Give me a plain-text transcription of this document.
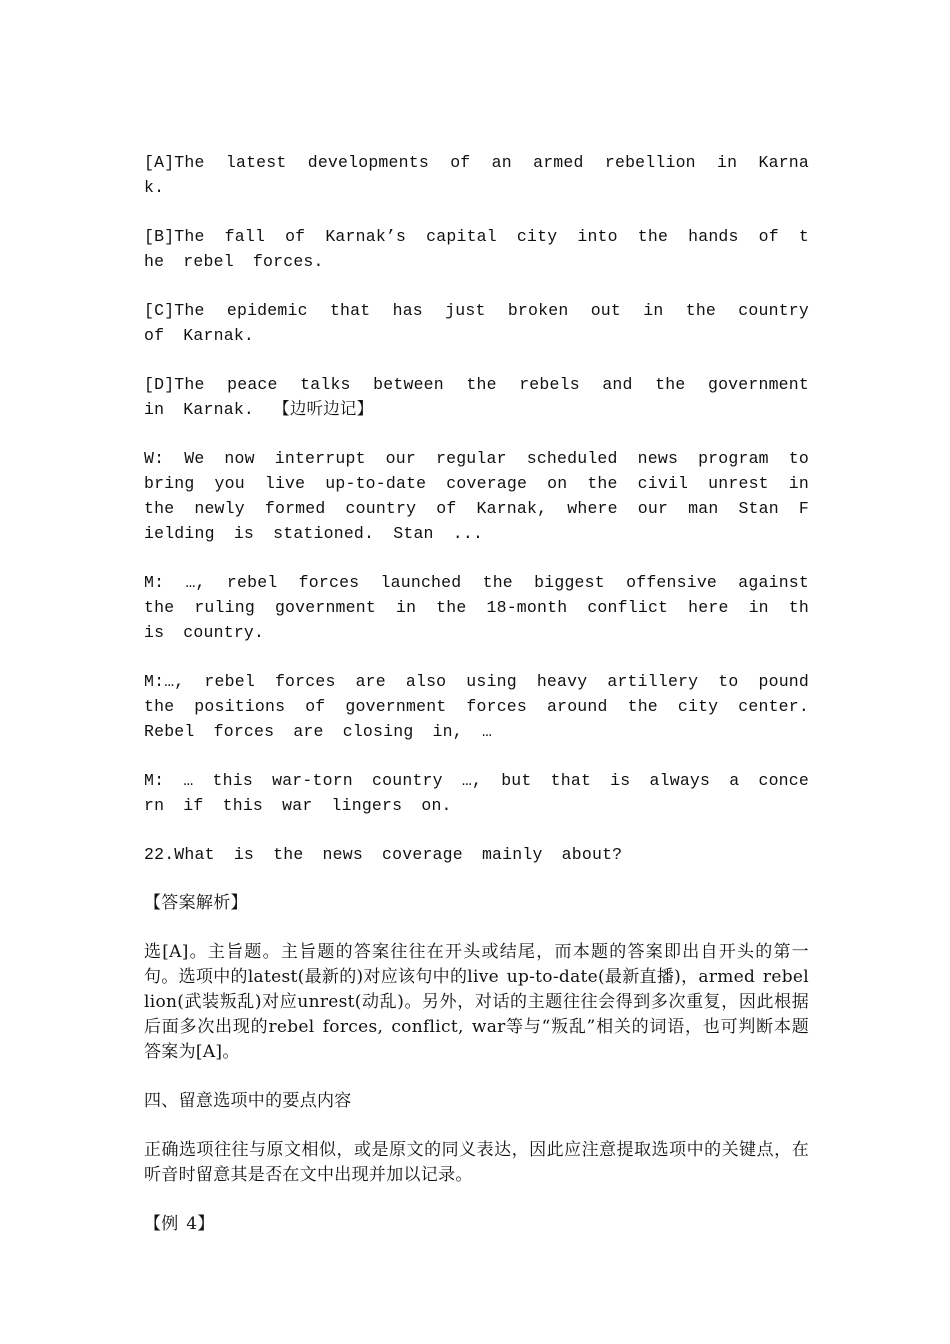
[A]The latest developments of an armed rebellion in Karnak.

[B]The fall of Karnak’s capital city into the hands of the rebel forces.

[C]The epidemic that has just broken out in the country of Karnak.

[D]The peace talks between the rebels and the government in Karnak. 【边听边记】

W: We now interrupt our regular scheduled news program to bring you live up-to-date coverage on the civil unrest in the newly formed country of Karnak, where our man Stan Fielding is stationed. Stan ...

M: …, rebel forces launched the biggest offensive against the ruling government in the 18-month conflict here in this country.

M:…, rebel forces are also using heavy artillery to pound the positions of government forces around the city center. Rebel forces are closing in, …

M: … this war-torn country …, but that is always a concern if this war lingers on.

22.What is the news coverage mainly about?

【答案解析】

选[A]。主旨题。主旨题的答案往往在开头或结尾，而本题的答案即出自开头的第一句。选项中的latest(最新的)对应该句中的live up-to-date(最新直播)，armed rebellion(武装叛乱)对应unrest(动乱)。另外，对话的主题往往会得到多次重复，因此根据后面多次出现的rebel forces, conflict, war等与“叛乱”相关的词语，也可判断本题答案为[A]。

四、留意选项中的要点内容

正确选项往往与原文相似，或是原文的同义表达，因此应注意提取选项中的关键点，在听音时留意其是否在文中出现并加以记录。

【例 4】
